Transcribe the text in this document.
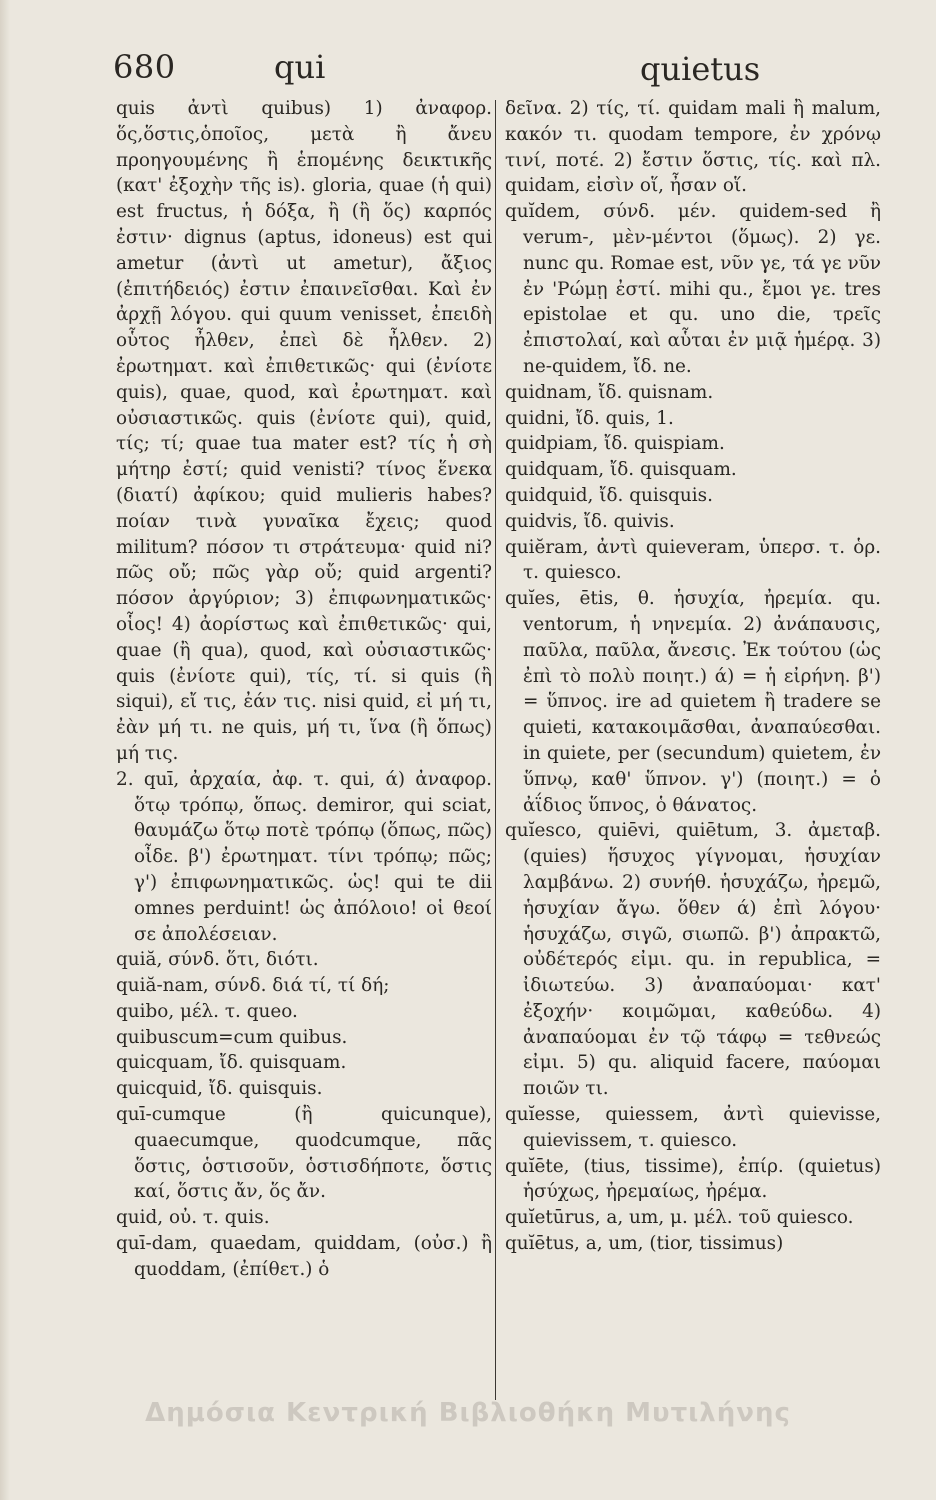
680	qui	quietus

quis ἀντὶ quibus) 1) ἀναφορ. ὅς,ὅστις,ὁποῖος, μετὰ ἢ ἄνευ προηγουμένης ἢ ἑπομένης δεικτικῆς (κατ' ἐξοχὴν τῆς is). gloria, quae (ἡ qui) est fructus, ἡ δόξα, ἢ (ἢ ὅς) καρπός ἐστιν· dignus (aptus, idoneus) est qui ametur (ἀντὶ ut ametur), ἄξιος (ἐπιτήδειός) ἐστιν ἐπαινεῖσθαι. Καὶ ἐν ἀρχῇ λόγου. qui quum venisset, ἐπειδὴ οὗτος ἦλθεν, ἐπεὶ δὲ ἦλθεν. 2) ἐρωτηματ. καὶ ἐπιθετικῶς· qui (ἐνίοτε quis), quae, quod, καὶ ἐρωτηματ. καὶ οὐσιαστικῶς. quis (ἐνίοτε qui), quid, τίς; τί; quae tua mater est? τίς ἡ σὴ μήτηρ ἐστί; quid venisti? τίνος ἕνεκα (διατί) ἀφίκου; quid mulieris habes? ποίαν τινὰ γυναῖκα ἔχεις; quod militum? πόσον τι στράτευμα· quid ni? πῶς οὔ; πῶς γὰρ οὔ; quid argenti? πόσον ἀργύριον; 3) ἐπιφωνηματικῶς· οἷος! 4) ἀορίστως καὶ ἐπιθετικῶς· qui, quae (ἢ qua), quod, καὶ οὐσιαστικῶς· quis (ἐνίοτε qui), τίς, τί. si quis (ἢ siqui), εἴ τις, ἐάν τις. nisi quid, εἰ μή τι, ἐὰν μή τι. ne quis, μή τι, ἵνα (ἢ ὅπως) μή τις.

2. quī, ἀρχαία, ἀφ. τ. qui, ά) ἀναφορ. ὅτῳ τρόπῳ, ὅπως. demiror, qui sciat, θαυμάζω ὅτῳ ποτὲ τρόπῳ (ὅπως, πῶς) οἶδε. β') ἐρωτηματ. τίνι τρόπῳ; πῶς; γ') ἐπιφωνηματικῶς. ὡς! qui te dii omnes perduint! ὡς ἀπόλοιο! οἱ θεοί σε ἀπολέσειαν.

quiă, σύνδ. ὅτι, διότι.

quiă-nam, σύνδ. διά τί, τί δή;

quibo, μέλ. τ. queo.

quibuscum=cum quibus.

quicquam, ἴδ. quisquam.

quicquid, ἴδ. quisquis.

quī-cumque (ἢ quicunque), quaecumque, quodcumque, πᾶς ὅστις, ὁστισοῦν, ὁστισδήποτε, ὅστις καί, ὅστις ἄν, ὅς ἄν.

quid, οὐ. τ. quis.

quī-dam, quaedam, quiddam, (οὐσ.) ἢ quoddam, (ἐπίθετ.) ὁ

δεῖνα. 2) τίς, τί. quidam mali ἢ malum, κακόν τι. quodam tempore, ἐν χρόνῳ τινί, ποτέ. 2) ἔστιν ὅστις, τίς. καὶ πλ. quidam, εἰσὶν οἵ, ἦσαν οἵ.

quĭdem, σύνδ. μέν. quidem-sed ἢ verum-, μὲν-μέντοι (ὅμως). 2) γε. nunc qu. Romae est, νῦν γε, τά γε νῦν ἐν 'Ρώμῃ ἐστί. mihi qu., ἔμοι γε. tres epistolae et qu. uno die, τρεῖς ἐπιστολαί, καὶ αὗται ἐν μιᾷ ἡμέρᾳ. 3) ne-quidem, ἴδ. ne.

quidnam, ἴδ. quisnam.

quidni, ἴδ. quis, 1.

quidpiam, ἴδ. quispiam.

quidquam, ἴδ. quisquam.

quidquid, ἴδ. quisquis.

quidvis, ἴδ. quivis.

quiĕram, ἀντὶ quieveram, ὑπερσ. τ. ὁρ. τ. quiesco.

quĭes, ētis, θ. ἡσυχία, ἠρεμία. qu. ventorum, ἡ νηνεμία. 2) ἀνάπαυσις, παῦλα, παῦλα, ἄνεσις. Ἐκ τούτου (ὡς ἐπὶ τὸ πολὺ ποιητ.) ά) = ἡ εἰρήνη. β') = ὕπνος. ire ad quietem ἢ tradere se quieti, κατακοιμᾶσθαι, ἀναπαύεσθαι. in quiete, per (secundum) quietem, ἐν ὕπνῳ, καθ' ὕπνον. γ') (ποιητ.) = ὁ ἀΐδιος ὕπνος, ὁ θάνατος.

quĭesco, quiēvi, quiētum, 3. ἀμεταβ. (quies) ἥσυχος γίγνομαι, ἡσυχίαν λαμβάνω. 2) συνήθ. ἡσυχάζω, ἠρεμῶ, ἡσυχίαν ἄγω. ὅθεν ά) ἐπὶ λόγου· ἡσυχάζω, σιγῶ, σιωπῶ. β') ἀπρακτῶ, οὐδέτερός εἰμι. qu. in republica, = ἰδιωτεύω. 3) ἀναπαύομαι· κατ' ἐξοχήν· κοιμῶμαι, καθεύδω. 4) ἀναπαύομαι ἐν τῷ τάφῳ = τεθνεώς εἰμι. 5) qu. aliquid facere, παύομαι ποιῶν τι.

quĭesse, quiessem, ἀντὶ quievisse, quievissem, τ. quiesco.

quĭēte, (tius, tissime), ἐπίρ. (quietus) ἡσύχως, ἠρεμαίως, ἠρέμα.

quĭetūrus, a, um, μ. μέλ. τοῦ quiesco.

quĭētus, a, um, (tior, tissimus)

Δημόσια Κεντρική Βιβλιοθήκη Μυτιλήνης
